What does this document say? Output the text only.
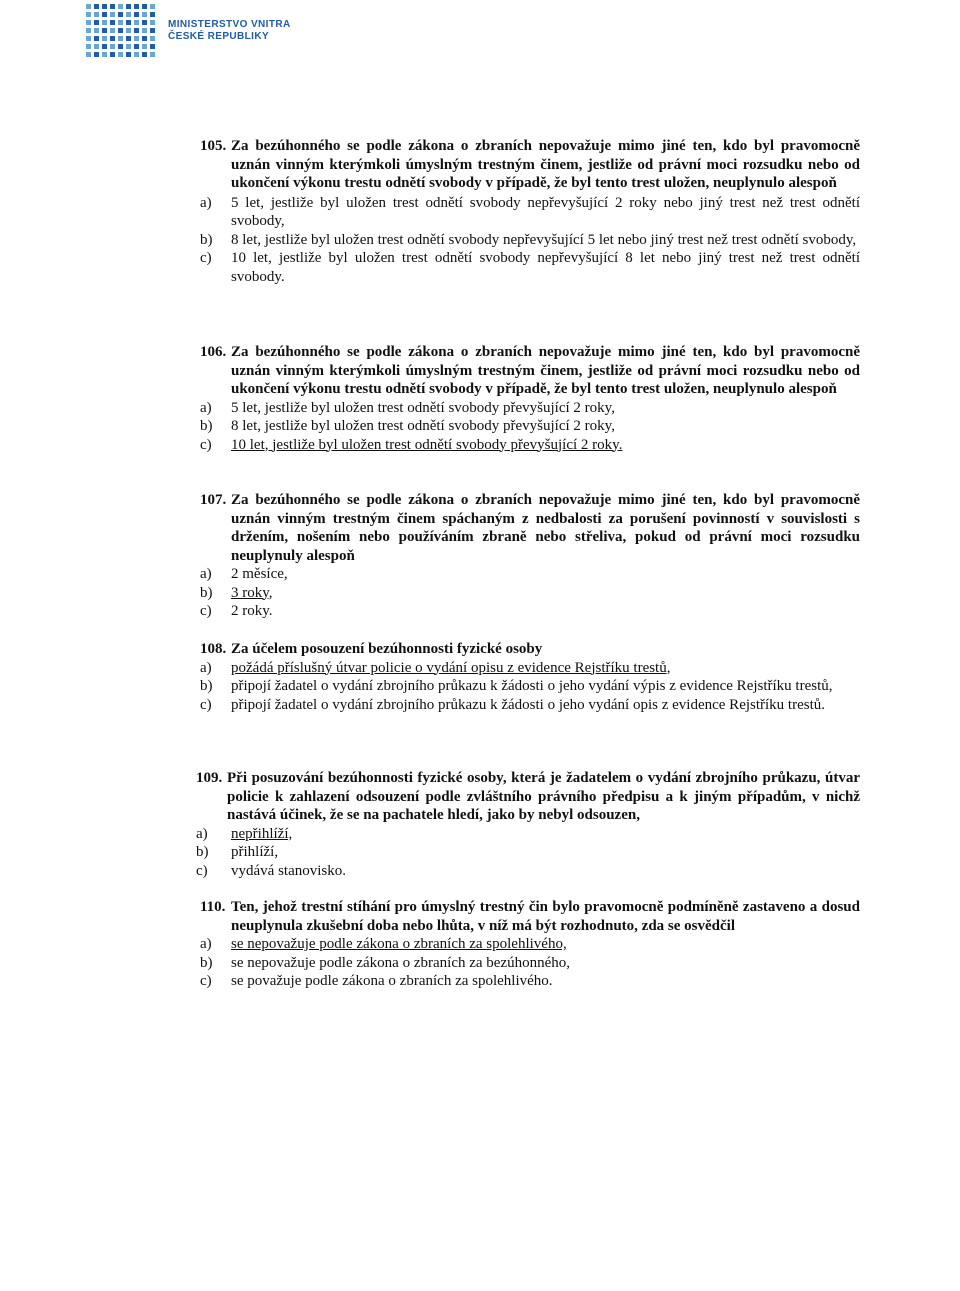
MINISTERSTVO VNITRA
ČESKÉ REPUBLIKY
105. Za bezúhonného se podle zákona o zbraních nepovažuje mimo jiné ten, kdo byl pravomocně uznán vinným kterýmkoli úmyslným trestným činem, jestliže od právní moci rozsudku nebo od ukončení výkonu trestu odnětí svobody v případě, že byl tento trest uložen, neuplynulo alespoň
a) 5 let, jestliže byl uložen trest odnětí svobody nepřevyšující 2 roky nebo jiný trest než trest odnětí svobody,
b) 8 let, jestliže byl uložen trest odnětí svobody nepřevyšující 5 let nebo jiný trest než trest odnětí svobody,
c) 10 let, jestliže byl uložen trest odnětí svobody nepřevyšující 8 let nebo jiný trest než trest odnětí svobody.
106. Za bezúhonného se podle zákona o zbraních nepovažuje mimo jiné ten, kdo byl pravomocně uznán vinným kterýmkoli úmyslným trestným činem, jestliže od právní moci rozsudku nebo od ukončení výkonu trestu odnětí svobody v případě, že byl tento trest uložen, neuplynulo alespoň
a) 5 let, jestliže byl uložen trest odnětí svobody převyšující 2 roky,
b) 8 let, jestliže byl uložen trest odnětí svobody převyšující 2 roky,
c) 10 let, jestliže byl uložen trest odnětí svobody převyšující 2 roky.
107. Za bezúhonného se podle zákona o zbraních nepovažuje mimo jiné ten, kdo byl pravomocně uznán vinným trestným činem spáchaným z nedbalosti za porušení povinností v souvislosti s držením, nošením nebo používáním zbraně nebo střeliva, pokud od právní moci rozsudku neuplynuly alespoň
a) 2 měsíce,
b) 3 roky,
c) 2 roky.
108. Za účelem posouzení bezúhonnosti fyzické osoby
a) požádá příslušný útvar policie o vydání opisu z evidence Rejstříku trestů,
b) připojí žadatel o vydání zbrojního průkazu k žádosti o jeho vydání výpis z evidence Rejstříku trestů,
c) připojí žadatel o vydání zbrojního průkazu k žádosti o jeho vydání opis z evidence Rejstříku trestů.
109. Při posuzování bezúhonnosti fyzické osoby, která je žadatelem o vydání zbrojního průkazu, útvar policie k zahlazení odsouzení podle zvláštního právního předpisu a k jiným případům, v nichž nastává účinek, že se na pachatele hledí, jako by nebyl odsouzen,
a) nepřihlíží,
b) přihlíží,
c) vydává stanovisko.
110. Ten, jehož trestní stíhání pro úmyslný trestný čin bylo pravomocně podmíněně zastaveno a dosud neuplynula zkušební doba nebo lhůta, v níž má být rozhodnuto, zda se osvědčil
a) se nepovažuje podle zákona o zbraních za spolehlivého,
b) se nepovažuje podle zákona o zbraních za bezúhonného,
c) se považuje podle zákona o zbraních za spolehlivého.
